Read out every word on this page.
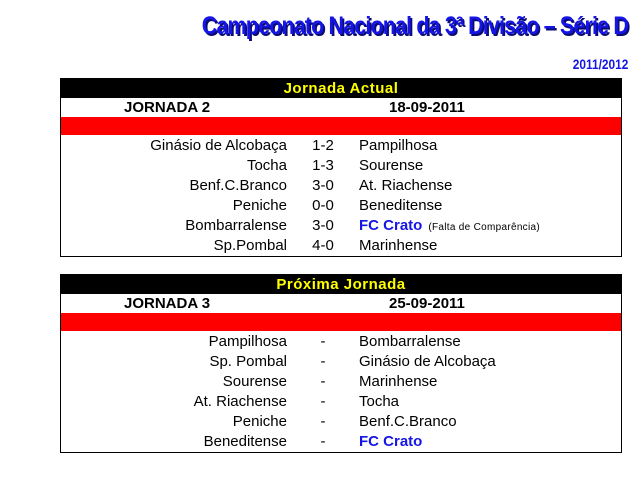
Campeonato Nacional da 3ª Divisão – Série D
2011/2012
Jornada Actual
JORNADA 2	18-09-2011
Ginásio de Alcobaça	1-2	Pampilhosa
Tocha	1-3	Sourense
Benf.C.Branco	3-0	At. Riachense
Peniche	0-0	Beneditense
Bombarralense	3-0	FC Crato (Falta de Comparência)
Sp.Pombal	4-0	Marinhense
Próxima Jornada
JORNADA 3	25-09-2011
Pampilhosa	-	Bombarralense
Sp. Pombal	-	Ginásio de Alcobaça
Sourense	-	Marinhense
At. Riachense	-	Tocha
Peniche	-	Benf.C.Branco
Beneditense	-	FC Crato
